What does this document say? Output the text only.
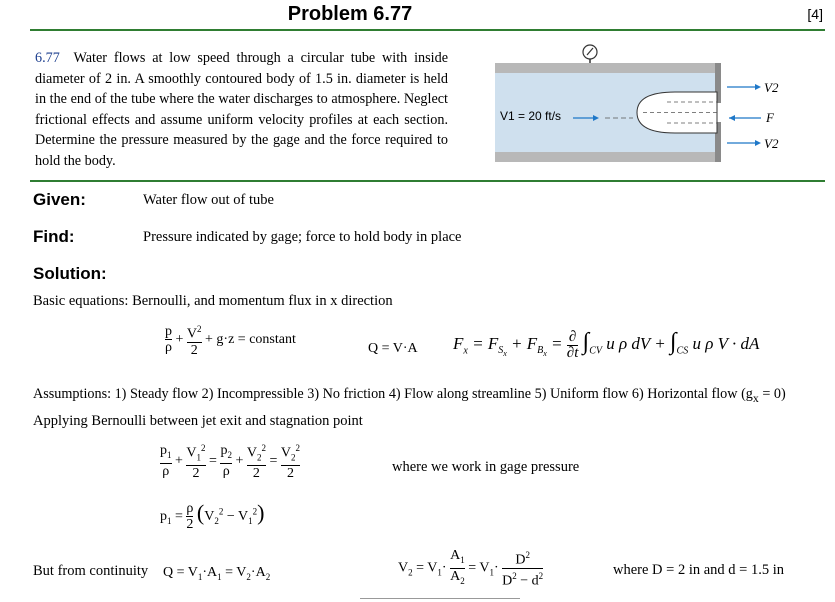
Problem 6.77	[4]
6.77 Water flows at low speed through a circular tube with inside diameter of 2 in. A smoothly contoured body of 1.5 in. diameter is held in the end of the tube where the water discharges to atmosphere. Neglect frictional effects and assume uniform velocity profiles at each section. Determine the pressure measured by the gage and the force required to hold the body.
V1 = 20 ft/s
V2
V2
F
Given:	Water flow out of tube
Find:	Pressure indicated by gage; force to hold body in place
Solution:
Basic equations: Bernoulli, and momentum flux in x direction
$\frac{p}{\rho} + \frac{V^2}{2} + g\cdot z$ = constant
Q = V·A $F_x = F_{S_x} + F_{B_x} = \frac{\partial}{\partial t} \int_{CV}$ u ρ dV + $\int_{CS}$ u ρ V · dA
Assumptions: 1) Steady flow 2) Incompressible 3) No friction 4) Flow along streamline 5) Uniform flow 6) Horizontal flow $(g_x = 0)$
Applying Bernoulli between jet exit and stagnation point
$\frac{p_1}{\rho} + \frac{V_1^2}{2} = \frac{p_2}{\rho} + \frac{V_2^2}{2} = \frac{V_2^2}{2}$	where we work in gage pressure
$p_1 = \frac{\rho}{2} (V_2^2 - V_1^2)$
But from continuity $Q = V_1\cdot A_1 = V_2\cdot A_2$
$V_2 = V_1\cdot \frac{A_1}{A_2} = V_1\cdot \frac{D^2}{D^2 - d^2}$	where D = 2 in and d = 1.5 in
